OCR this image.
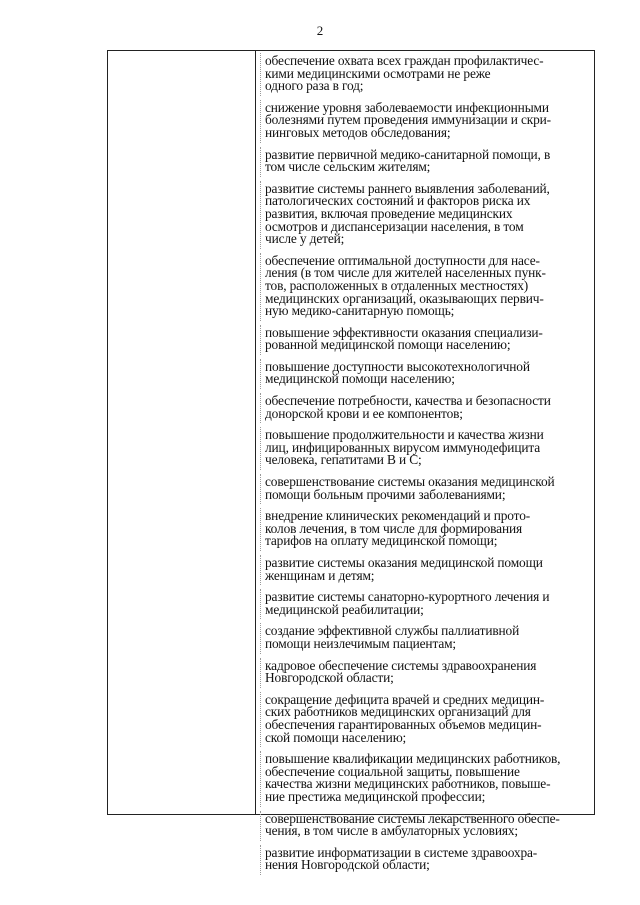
2
обеспечение охвата всех граждан профилактичес-
кими медицинскими осмотрами не реже
одного раза в год;
снижение уровня заболеваемости инфекционными
болезнями путем проведения иммунизации и скри-
нинговых методов обследования;
развитие первичной медико-санитарной помощи, в
том числе сельским жителям;
развитие системы раннего выявления заболеваний,
патологических состояний и факторов риска их
развития, включая проведение медицинских
осмотров и диспансеризации населения, в том
числе у детей;
обеспечение оптимальной доступности для насе-
ления (в том числе для жителей населенных пунк-
тов, расположенных в отдаленных местностях)
медицинских организаций, оказывающих первич-
ную медико-санитарную помощь;
повышение эффективности оказания специализи-
рованной медицинской помощи населению;
повышение доступности высокотехнологичной
медицинской помощи населению;
обеспечение потребности, качества и безопасности
донорской крови и ее компонентов;
повышение продолжительности и качества жизни
лиц, инфицированных вирусом иммунодефицита
человека, гепатитами В и С;
совершенствование системы оказания медицинской
помощи больным прочими заболеваниями;
внедрение клинических рекомендаций и прото-
колов лечения, в том числе для формирования
тарифов на оплату медицинской помощи;
развитие системы оказания медицинской помощи
женщинам и детям;
развитие системы санаторно-курортного лечения и
медицинской реабилитации;
создание эффективной службы паллиативной
помощи неизлечимым пациентам;
кадровое обеспечение системы здравоохранения
Новгородской области;
сокращение дефицита врачей и средних медицин-
ских работников медицинских организаций для
обеспечения гарантированных объемов медицин-
ской помощи населению;
повышение квалификации медицинских работников,
обеспечение социальной защиты, повышение
качества жизни медицинских работников, повыше-
ние престижа медицинской профессии;
совершенствование системы лекарственного обеспе-
чения, в том числе в амбулаторных условиях;
развитие информатизации в системе здравоохра-
нения Новгородской области;
